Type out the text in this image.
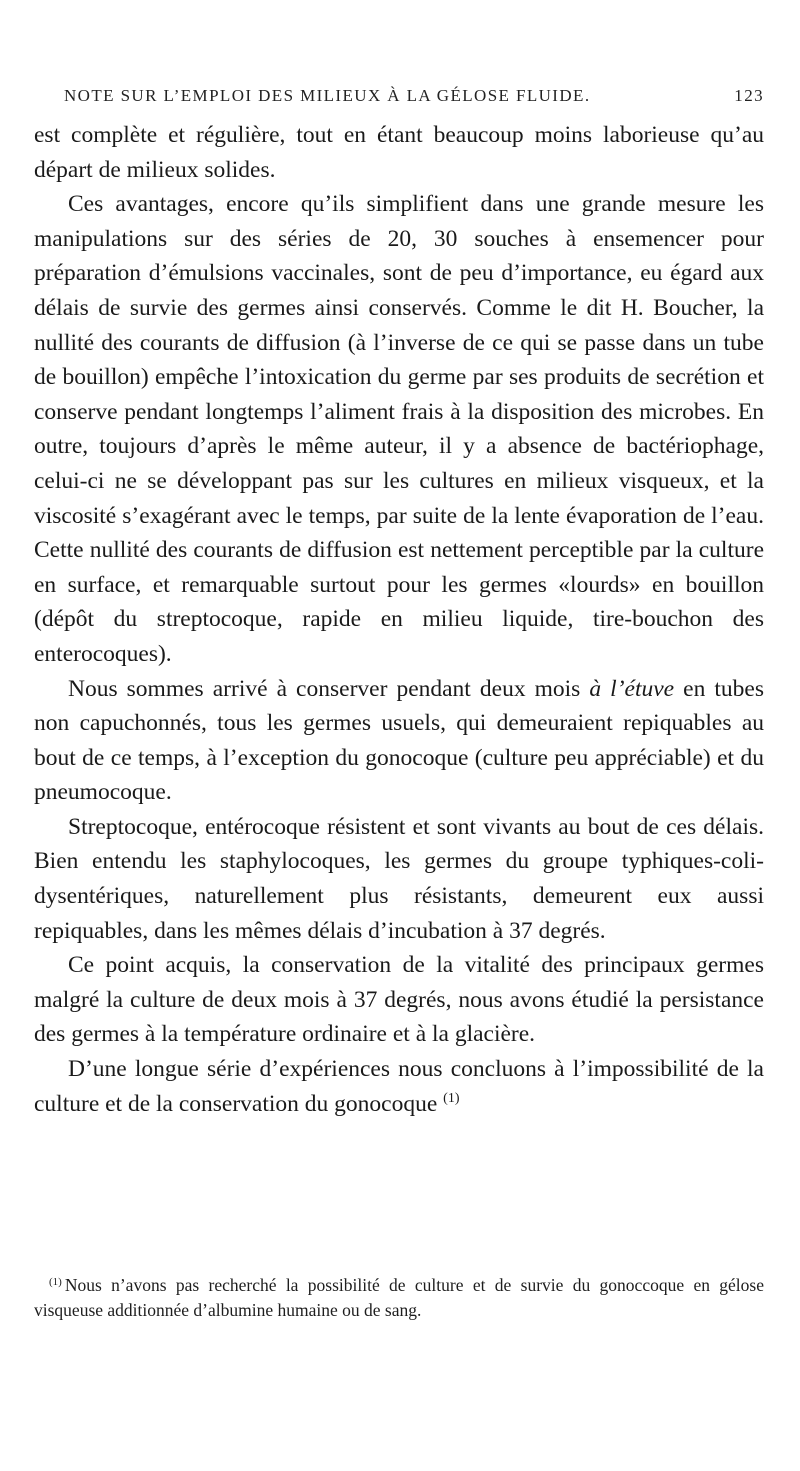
NOTE SUR L’EMPLOI DES MILIEUX À LA GÉLOSE FLUIDE.	123

est complète et régulière, tout en étant beaucoup moins laborieuse qu’au départ de milieux solides.

Ces avantages, encore qu’ils simplifient dans une grande mesure les manipulations sur des séries de 20, 30 souches à ensemencer pour préparation d’émulsions vaccinales, sont de peu d’importance, eu égard aux délais de survie des germes ainsi conservés. Comme le dit H. Boucher, la nullité des courants de diffusion (à l’inverse de ce qui se passe dans un tube de bouillon) empêche l’intoxication du germe par ses produits de secrétion et conserve pendant longtemps l’aliment frais à la disposition des microbes. En outre, toujours d’après le même auteur, il y a absence de bactériophage, celui-ci ne se développant pas sur les cultures en milieux visqueux, et la viscosité s’exagérant avec le temps, par suite de la lente évaporation de l’eau. Cette nullité des courants de diffusion est nettement perceptible par la culture en surface, et remarquable surtout pour les germes «lourds» en bouillon (dépôt du streptocoque, rapide en milieu liquide, tire-bouchon des enterocoques).

Nous sommes arrivé à conserver pendant deux mois à l’étuve en tubes non capuchonnés, tous les germes usuels, qui demeuraient repiquables au bout de ce temps, à l’exception du gonocoque (culture peu appréciable) et du pneumocoque.

Streptocoque, entérocoque résistent et sont vivants au bout de ces délais. Bien entendu les staphylocoques, les germes du groupe typhiques-coli-dysentériques, naturellement plus résistants, demeurent eux aussi repiquables, dans les mêmes délais d’incubation à 37 degrés.

Ce point acquis, la conservation de la vitalité des principaux germes malgré la culture de deux mois à 37 degrés, nous avons étudié la persistance des germes à la température ordinaire et à la glacière.

D’une longue série d’expériences nous concluons à l’impossibilité de la culture et de la conservation du gonocoque $^{(1)}$

$^{(1)}$ Nous n’avons pas recherché la possibilité de culture et de survie du gonoccoque en gélose visqueuse additionnée d’albumine humaine ou de sang.
